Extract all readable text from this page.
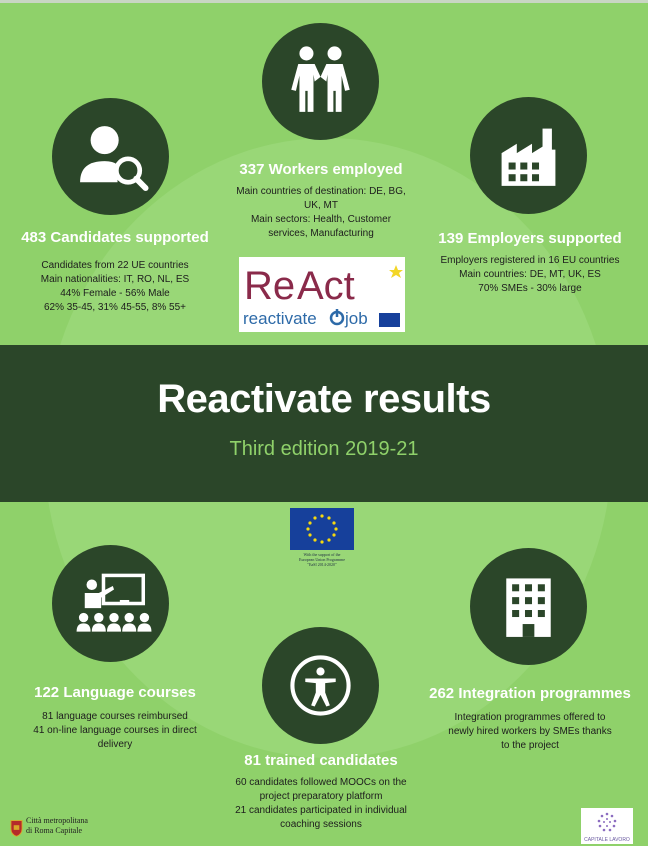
337 Workers employed
Main countries of destination: DE, BG,
UK, MT
Main sectors: Health, Customer
services, Manufacturing
483 Candidates supported
Candidates from 22 UE countries
Main nationalities: IT, RO, NL, ES
44% Female - 56% Male
62% 35-45, 31% 45-55, 8% 55+
139 Employers supported
Employers registered in 16 EU countries
Main countries: DE, MT, UK, ES
70% SMEs - 30% large
Re Act
reactivate job
Reactivate results
Third edition 2019-21
With the support of the
European Union Programme
"EaSI 2014-2020"
122 Language courses
81 language courses reimbursed
41 on-line language courses in direct
delivery
262 Integration programmes
Integration programmes offered to
newly hired workers by SMEs thanks
to the project
81 trained candidates
60 candidates followed MOOCs on the
project preparatory platform
21 candidates participated in individual
coaching sessions
Città metropolitana
di Roma Capitale
CAPITALE LAVORO
